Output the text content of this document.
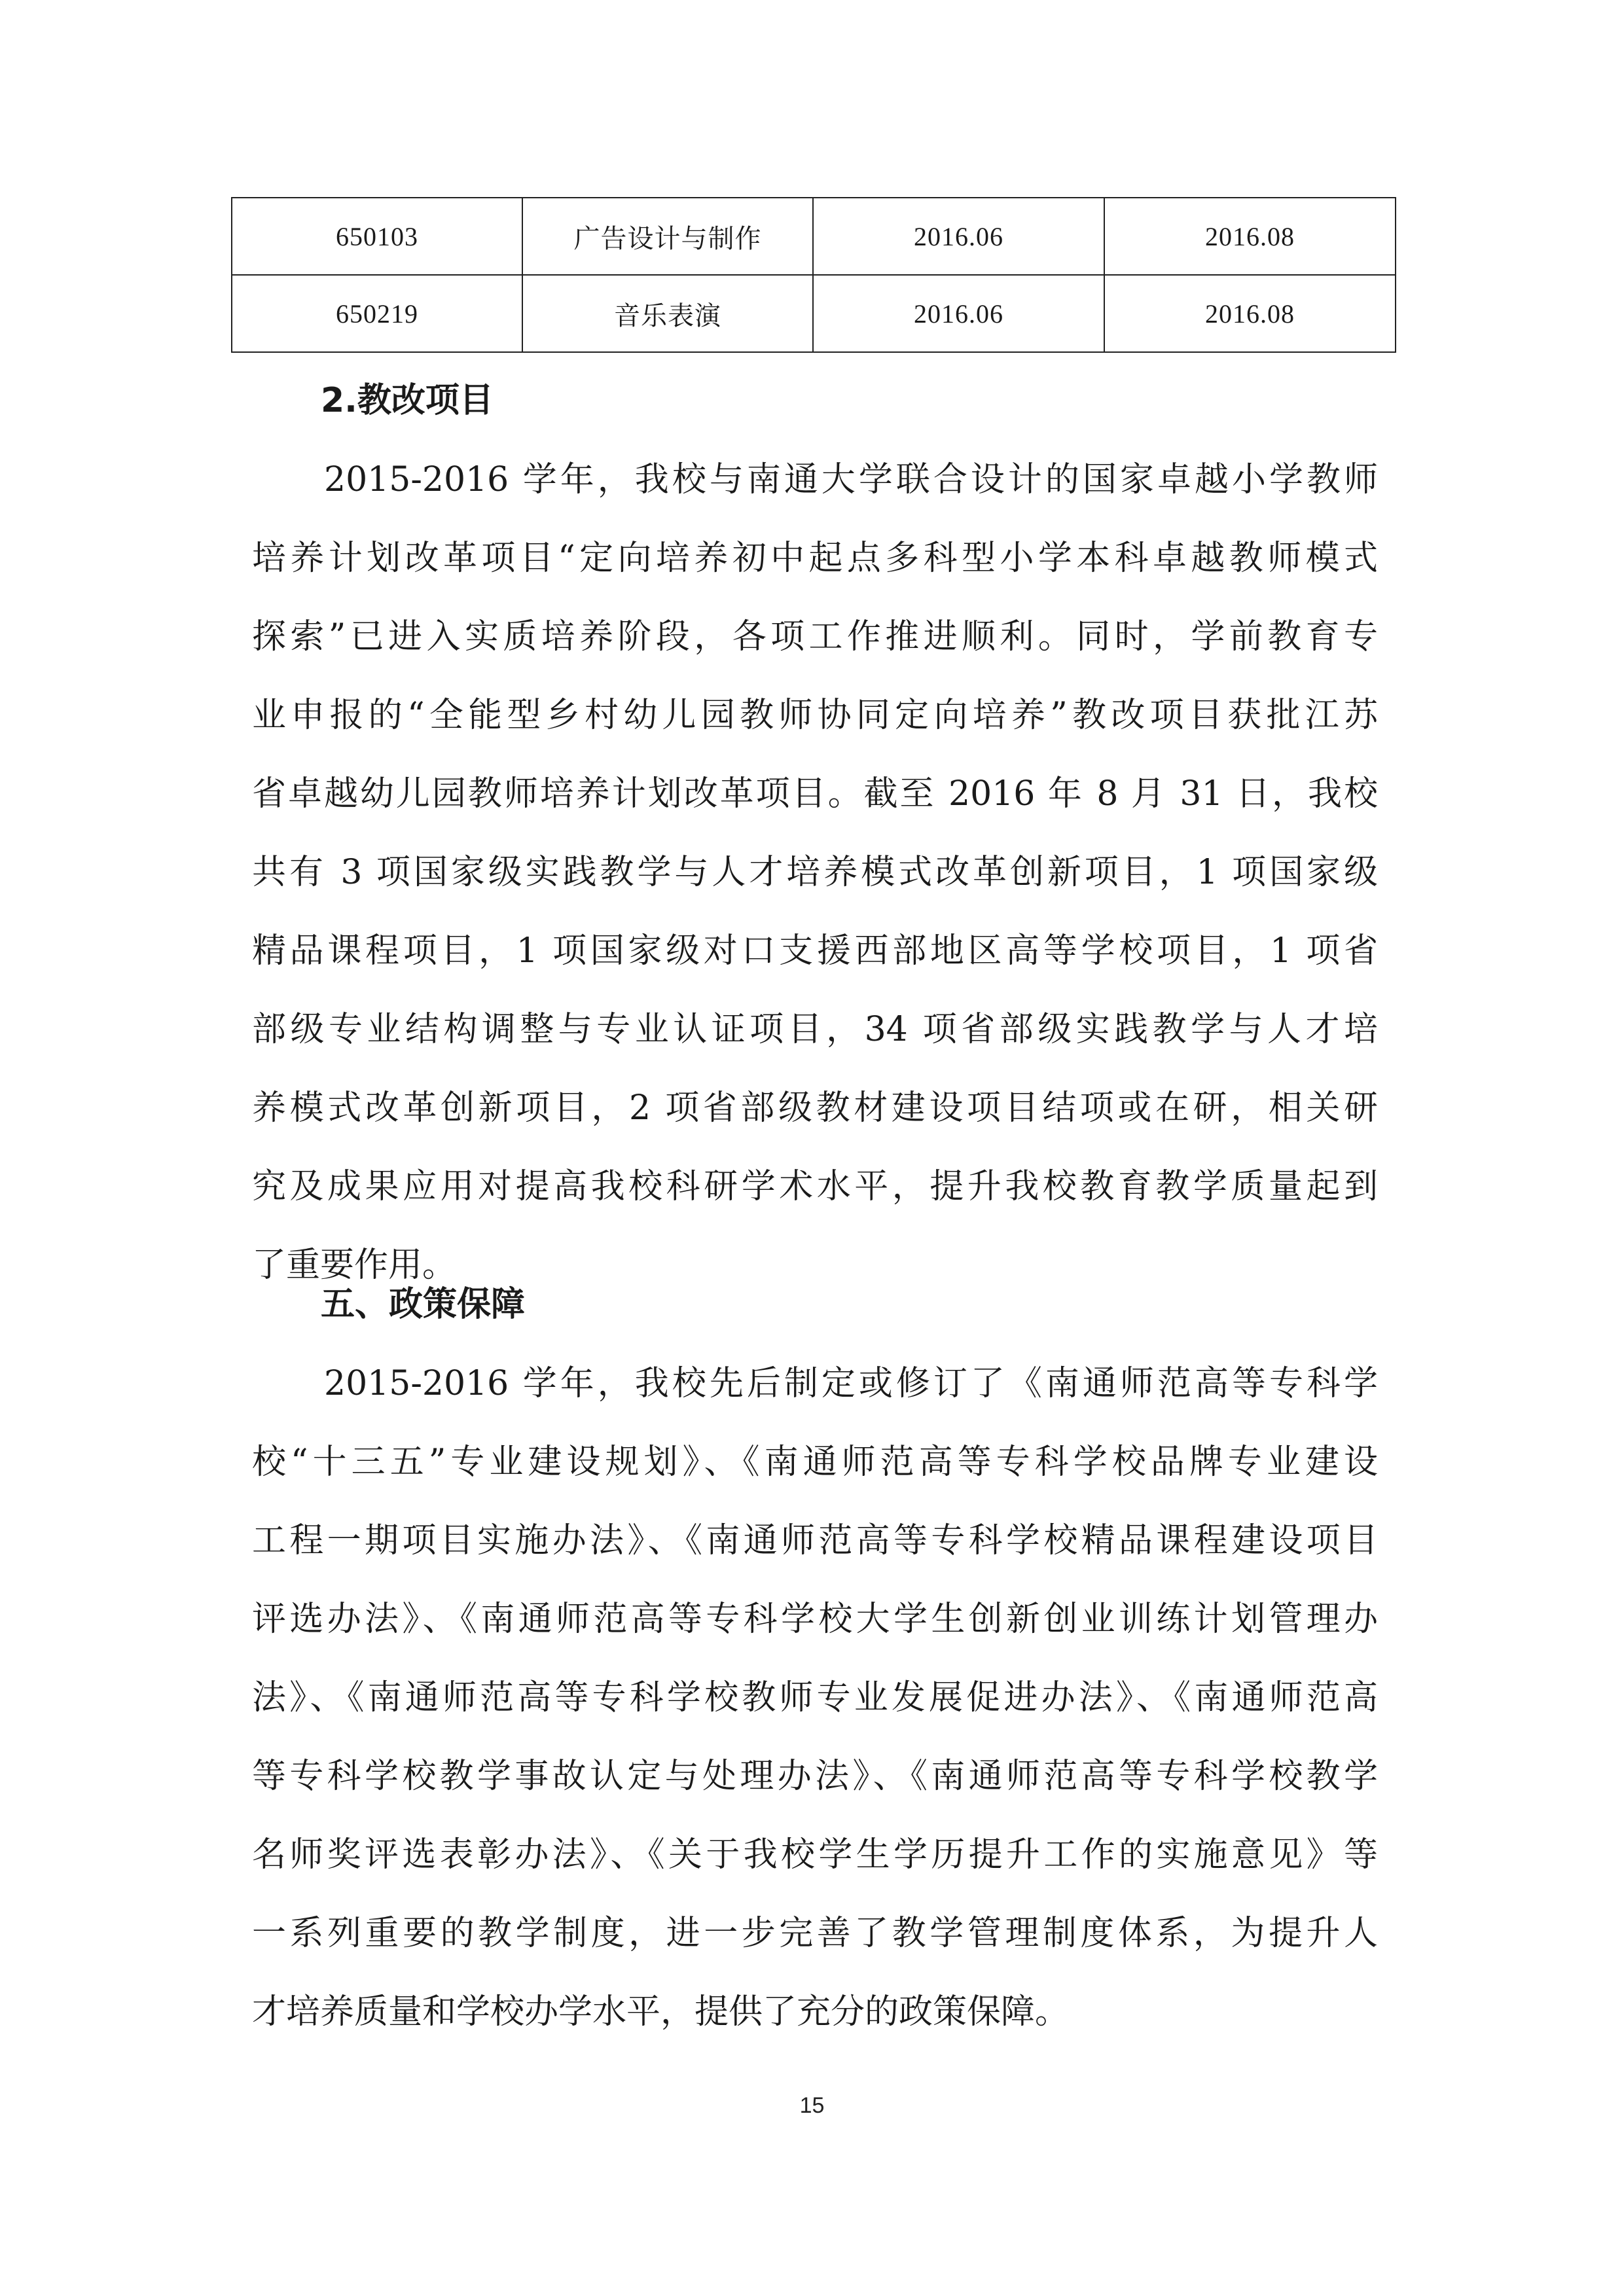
650103	广告设计与制作	2016.06	2016.08
650219	音乐表演	2016.06	2016.08
2.教改项目
2015-2016 学年，我校与南通大学联合设计的国家卓越小学教师
培养计划改革项目“定向培养初中起点多科型小学本科卓越教师模式
探索”已进入实质培养阶段，各项工作推进顺利。同时，学前教育专
业申报的“全能型乡村幼儿园教师协同定向培养”教改项目获批江苏
省卓越幼儿园教师培养计划改革项目。截至 2016 年 8 月 31 日，我校
共有 3 项国家级实践教学与人才培养模式改革创新项目，1 项国家级
精品课程项目，1 项国家级对口支援西部地区高等学校项目，1 项省
部级专业结构调整与专业认证项目，34 项省部级实践教学与人才培
养模式改革创新项目，2 项省部级教材建设项目结项或在研，相关研
究及成果应用对提高我校科研学术水平，提升我校教育教学质量起到
了重要作用。
五、政策保障
2015-2016 学年，我校先后制定或修订了《南通师范高等专科学
校“十三五”专业建设规划》、《南通师范高等专科学校品牌专业建设
工程一期项目实施办法》、《南通师范高等专科学校精品课程建设项目
评选办法》、《南通师范高等专科学校大学生创新创业训练计划管理办
法》、《南通师范高等专科学校教师专业发展促进办法》、《南通师范高
等专科学校教学事故认定与处理办法》、《南通师范高等专科学校教学
名师奖评选表彰办法》、《关于我校学生学历提升工作的实施意见》等
一系列重要的教学制度，进一步完善了教学管理制度体系，为提升人
才培养质量和学校办学水平，提供了充分的政策保障。
15
